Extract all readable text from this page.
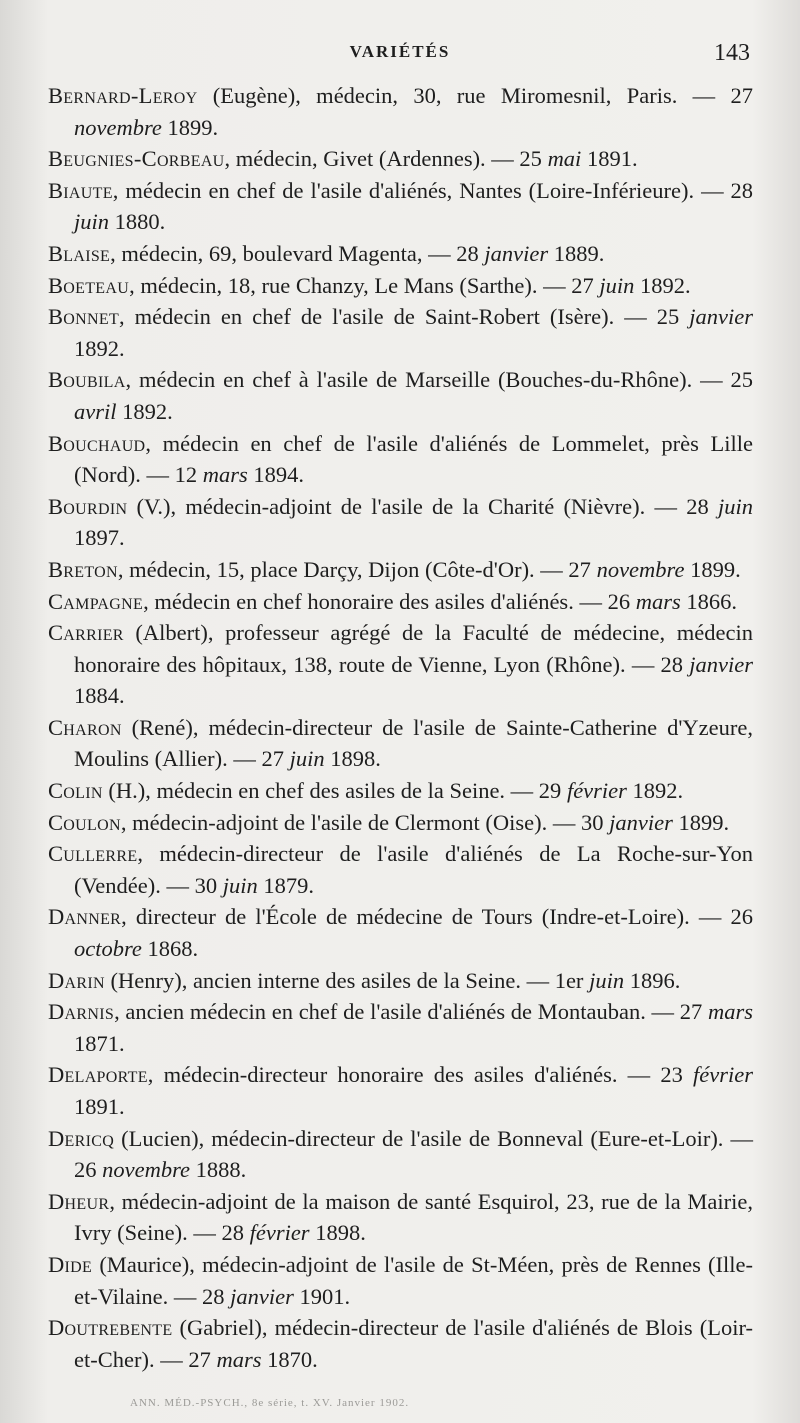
VARIÉTÉS	143

Bernard-Leroy (Eugène), médecin, 30, rue Miromesnil, Paris. — 27 novembre 1899.

Beugnies-Corbeau, médecin, Givet (Ardennes). — 25 mai 1891.

Biaute, médecin en chef de l'asile d'aliénés, Nantes (Loire-Inférieure). — 28 juin 1880.

Blaise, médecin, 69, boulevard Magenta, — 28 janvier 1889.

Boeteau, médecin, 18, rue Chanzy, Le Mans (Sarthe). — 27 juin 1892.

Bonnet, médecin en chef de l'asile de Saint-Robert (Isère). — 25 janvier 1892.

Boubila, médecin en chef à l'asile de Marseille (Bouches-du-Rhône). — 25 avril 1892.

Bouchaud, médecin en chef de l'asile d'aliénés de Lommelet, près Lille (Nord). — 12 mars 1894.

Bourdin (V.), médecin-adjoint de l'asile de la Charité (Nièvre). — 28 juin 1897.

Breton, médecin, 15, place Darçy, Dijon (Côte-d'Or). — 27 novembre 1899.

Campagne, médecin en chef honoraire des asiles d'aliénés. — 26 mars 1866.

Carrier (Albert), professeur agrégé de la Faculté de médecine, médecin honoraire des hôpitaux, 138, route de Vienne, Lyon (Rhône). — 28 janvier 1884.

Charon (René), médecin-directeur de l'asile de Sainte-Catherine d'Yzeure, Moulins (Allier). — 27 juin 1898.

Colin (H.), médecin en chef des asiles de la Seine. — 29 février 1892.

Coulon, médecin-adjoint de l'asile de Clermont (Oise). — 30 janvier 1899.

Cullerre, médecin-directeur de l'asile d'aliénés de La Roche-sur-Yon (Vendée). — 30 juin 1879.

Danner, directeur de l'École de médecine de Tours (Indre-et-Loire). — 26 octobre 1868.

Darin (Henry), ancien interne des asiles de la Seine. — 1er juin 1896.

Darnis, ancien médecin en chef de l'asile d'aliénés de Montauban. — 27 mars 1871.

Delaporte, médecin-directeur honoraire des asiles d'aliénés. — 23 février 1891.

Dericq (Lucien), médecin-directeur de l'asile de Bonneval (Eure-et-Loir). — 26 novembre 1888.

Dheur, médecin-adjoint de la maison de santé Esquirol, 23, rue de la Mairie, Ivry (Seine). — 28 février 1898.

Dide (Maurice), médecin-adjoint de l'asile de St-Méen, près de Rennes (Ille-et-Vilaine. — 28 janvier 1901.

Doutrebente (Gabriel), médecin-directeur de l'asile d'aliénés de Blois (Loir-et-Cher). — 27 mars 1870.

ANN. MÉD.-PSYCH., 8e série, t. XV. Janvier 1902.
